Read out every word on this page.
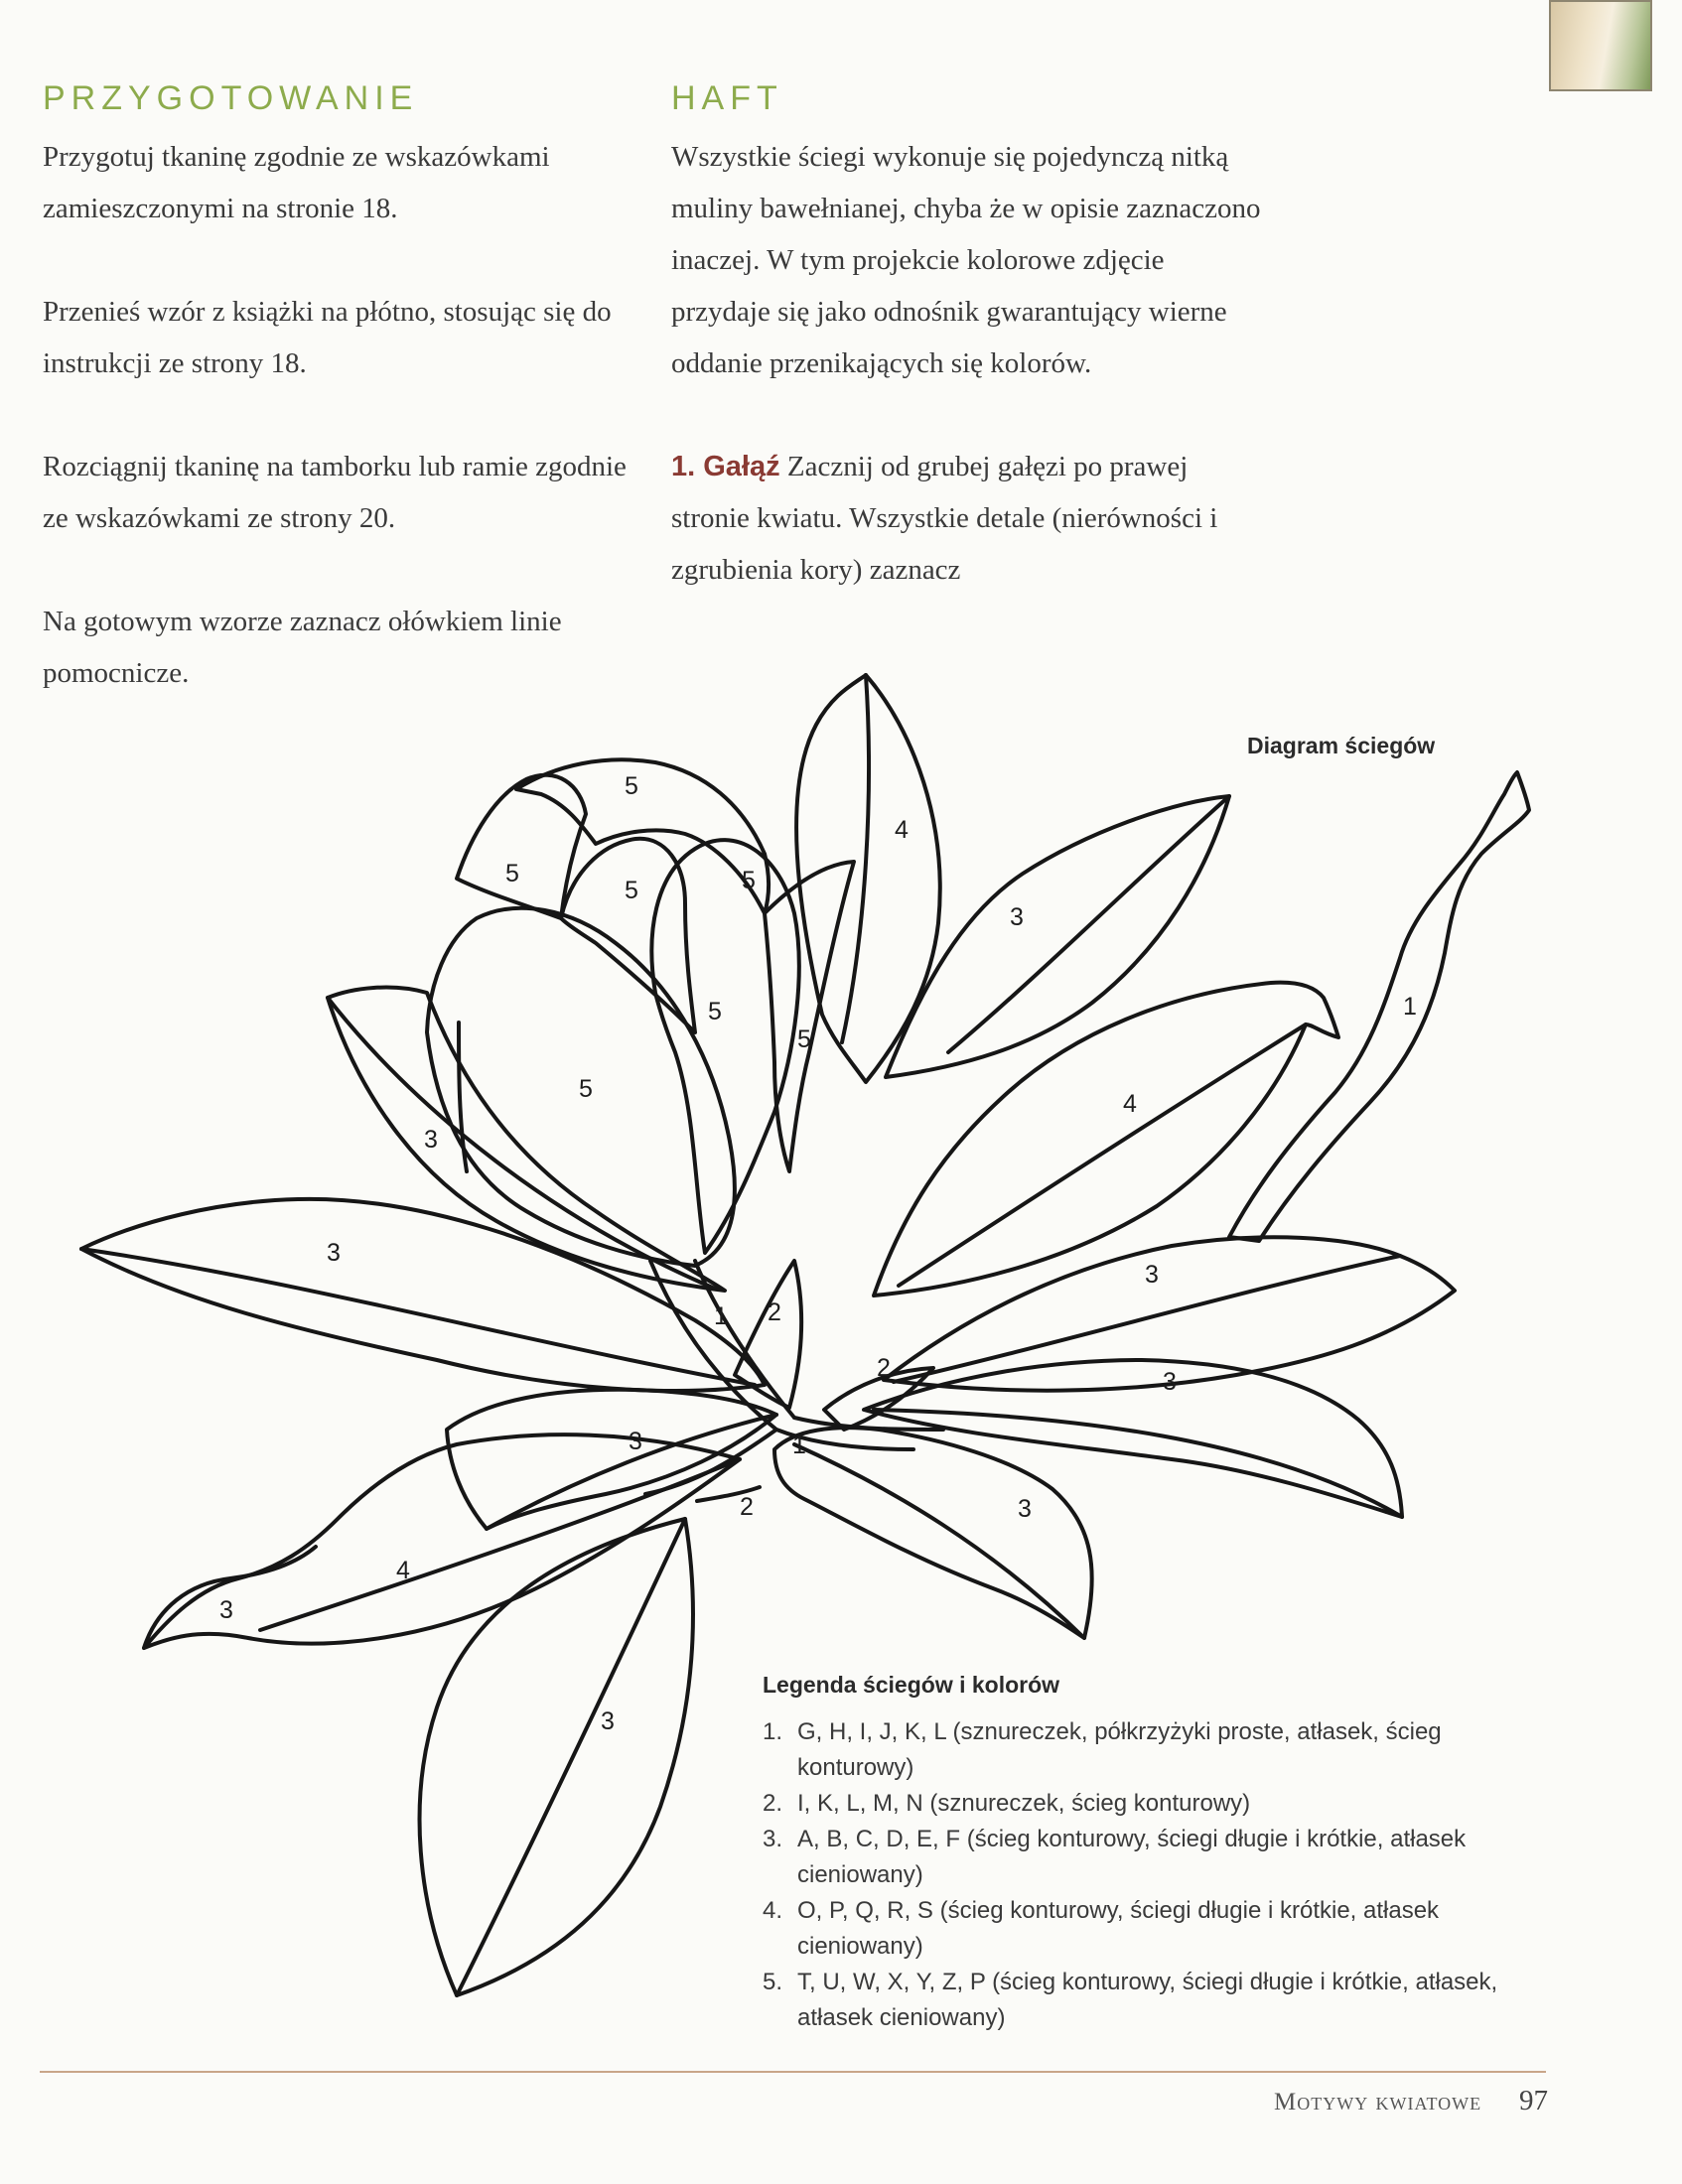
PRZYGOTOWANIE	HAFT

Przygotuj tkaninę zgodnie ze wskazówkami zamieszczonymi na stronie 18.

Przenieś wzór z książki na płótno, stosując się do instrukcji ze strony 18.

Rozciągnij tkaninę na tamborku lub ramie zgodnie ze wskazówkami ze strony 20.

Na gotowym wzorze zaznacz ołówkiem linie pomocnicze.

Wszystkie ściegi wykonuje się pojedynczą nitką muliny bawełnianej, chyba że w opisie zaznaczono inaczej. W tym projekcie kolorowe zdjęcie przydaje się jako odnośnik gwarantujący wierne oddanie przenikających się kolorów.

1. Gałąź Zacznij od grubej gałęzi po prawej stronie kwiatu. Wszystkie detale (nierówności i zgrubienia kory) zaznacz

Diagram ściegów

5
5
5	5
5
5
5
4
3
4
3
3
3
3
3
3
4
3
3
1
1
1 2
2
2

Legenda ściegów i kolorów

1. G, H, I, J, K, L (sznureczek, półkrzyżyki proste, atłasek, ścieg konturowy)
2. I, K, L, M, N (sznureczek, ścieg konturowy)
3. A, B, C, D, E, F (ścieg konturowy, ściegi długie i krótkie, atłasek cieniowany)
4. O, P, Q, R, S (ścieg konturowy, ściegi długie i krótkie, atłasek cieniowany)
5. T, U, W, X, Y, Z, P (ścieg konturowy, ściegi długie i krótkie, atłasek, atłasek cieniowany)
Motywy kwiatowe 97
